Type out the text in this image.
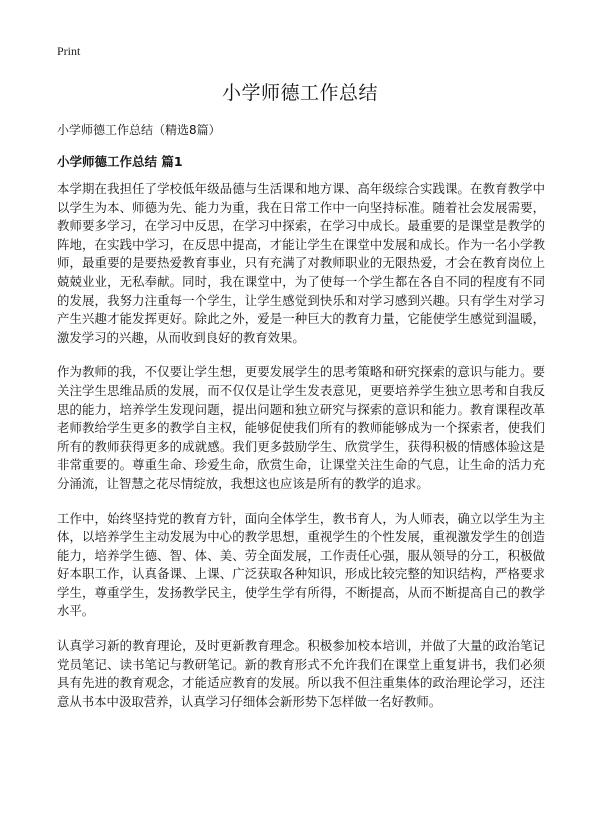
Print
小学师德工作总结

小学师德工作总结（精选8篇）

小学师德工作总结 篇1

本学期在我担任了学校低年级品德与生活课和地方课、高年级综合实践课。在教育教学中以学生为本、师德为先、能力为重，我在日常工作中一向坚持标准。随着社会发展需要，教师要多学习，在学习中反思，在学习中探索，在学习中成长。最重要的是课堂是教学的阵地，在实践中学习，在反思中提高，才能让学生在课堂中发展和成长。作为一名小学教师，最重要的是要热爱教育事业，只有充满了对教师职业的无限热爱，才会在教育岗位上兢兢业业，无私奉献。同时，我在课堂中，为了使每一个学生都在各自不同的程度有不同的发展，我努力注重每一个学生，让学生感觉到快乐和对学习感到兴趣。只有学生对学习产生兴趣才能发挥更好。除此之外，爱是一种巨大的教育力量，它能使学生感觉到温暖，激发学习的兴趣，从而收到良好的教育效果。

作为教师的我，不仅要让学生想，更要发展学生的思考策略和研究探索的意识与能力。要关注学生思维品质的发展，而不仅仅是让学生发表意见，更要培养学生独立思考和自我反思的能力，培养学生发现问题，提出问题和独立研究与探索的意识和能力。教育课程改革老师教给学生更多的教学自主权，能够促使我们所有的教师能够成为一个探索者，使我们所有的教师获得更多的成就感。我们更多鼓励学生、欣赏学生，获得积极的情感体验这是非常重要的。尊重生命、珍爱生命，欣赏生命，让课堂关注生命的气息，让生命的活力充分涌流，让智慧之花尽情绽放，我想这也应该是所有的教学的追求。

工作中，始终坚持党的教育方针，面向全体学生，教书育人，为人师表，确立以学生为主体，以培养学生主动发展为中心的教学思想，重视学生的个性发展，重视激发学生的创造能力，培养学生德、智、体、美、劳全面发展，工作责任心强，服从领导的分工，积极做好本职工作，认真备课、上课、广泛获取各种知识，形成比较完整的知识结构，严格要求学生，尊重学生，发扬教学民主，使学生学有所得，不断提高，从而不断提高自己的教学水平。

认真学习新的教育理论，及时更新教育理念。积极参加校本培训，并做了大量的政治笔记党员笔记、读书笔记与教研笔记。新的教育形式不允许我们在课堂上重复讲书，我们必须具有先进的教育观念，才能适应教育的发展。所以我不但注重集体的政治理论学习，还注意从书本中汲取营养，认真学习仔细体会新形势下怎样做一名好教师。
